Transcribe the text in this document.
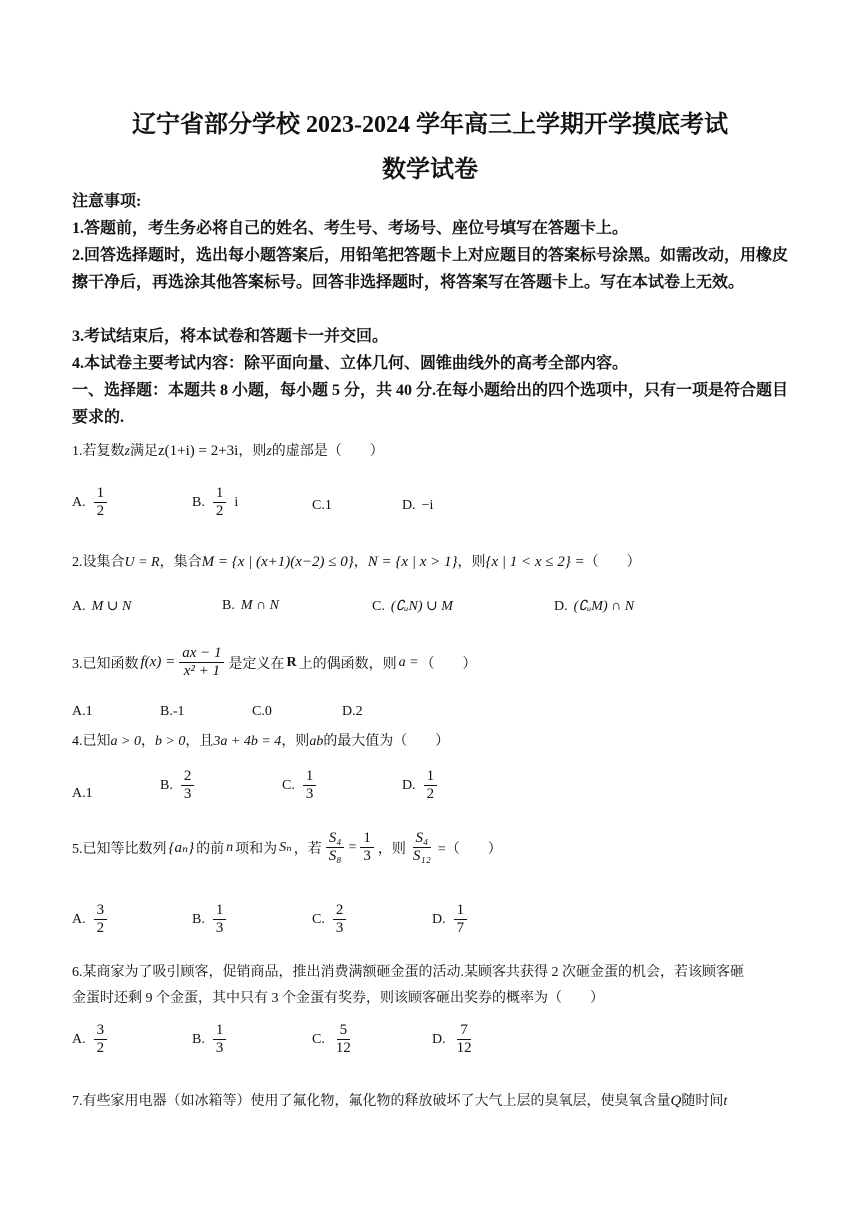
辽宁省部分学校 2023-2024 学年高三上学期开学摸底考试
数学试卷
注意事项:
1.答题前，考生务必将自己的姓名、考生号、考场号、座位号填写在答题卡上。
2.回答选择题时，选出每小题答案后，用铅笔把答题卡上对应题目的答案标号涂黑。如需改动，用橡皮擦干净后，再选涂其他答案标号。回答非选择题时，将答案写在答题卡上。写在本试卷上无效。
3.考试结束后，将本试卷和答题卡一并交回。
4.本试卷主要考试内容：除平面向量、立体几何、圆锥曲线外的高考全部内容。
一、选择题：本题共 8 小题，每小题 5 分，共 40 分.在每小题给出的四个选项中，只有一项是符合题目要求的.
1.若复数z满足z(1+i) = 2+3i，则z的虚部是（　　）
A. $\frac{1}{2}$	B. $\frac{1}{2}$ i	C.1	D. −i
2.设集合U = R，集合M = {x | (x+1)(x−2) ≤ 0}，N = {x | x > 1}，则{x | 1 < x ≤ 2} =（　　）
A. M ∪ N	B. M ∩ N	C. (∁ᵤN) ∪ M	D. (∁ᵤM) ∩ N
3.已知函数 $f(x) = \frac{ax - 1}{\text{x² + 1}}$ 是定义在 R 上的偶函数，则 a = （　　）
A.1	B.-1	C.0	D.2
4.已知a > 0，b > 0，且3a + 4b = 4，则ab的最大值为（　　）
A.1
B. $\frac{2}{3}$	C. $\frac{1}{3}$	D. $\frac{1}{2}$
5.已知等比数列 {aₙ} 的前 n 项和为 Sₙ ，若 $\frac{\text{S₄}}{\text{S₈}} = \frac{1}{3}$ ，则 $\frac{\text{S₄}}{\text{S₁₂}}$ =（　　）
A. $\frac{3}{2}$	B. $\frac{1}{3}$	C. $\frac{2}{3}$	D. $\frac{1}{7}$
6.某商家为了吸引顾客，促销商品，推出消费满额砸金蛋的活动.某顾客共获得 2 次砸金蛋的机会，若该顾客砸
金蛋时还剩 9 个金蛋，其中只有 3 个金蛋有奖券，则该顾客砸出奖券的概率为（　　）
A. $\frac{3}{2}$	B. $\frac{1}{3}$	C. $\frac{5}{12}$	D. $\frac{7}{12}$
7.有些家用电器（如冰箱等）使用了氟化物，氟化物的释放破坏了大气上层的臭氧层，使臭氧含量Q随时间t
